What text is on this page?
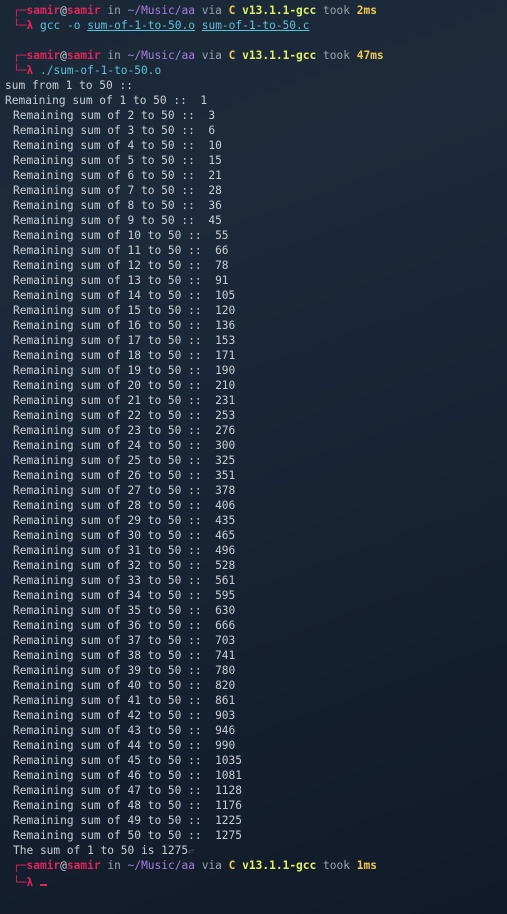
┌─samir@samir in ~/Music/aa via C v13.1.1-gcc took 2ms
└─λ gcc -o sum-of-1-to-50.o sum-of-1-to-50.c
┌─samir@samir in ~/Music/aa via C v13.1.1-gcc took 47ms
└─λ ./sum-of-1-to-50.o
sum from 1 to 50 ::
Remaining sum of 1 to 50 ::  1
Remaining sum of 2 to 50 ::  3
Remaining sum of 3 to 50 ::  6
Remaining sum of 4 to 50 ::  10
Remaining sum of 5 to 50 ::  15
Remaining sum of 6 to 50 ::  21
Remaining sum of 7 to 50 ::  28
Remaining sum of 8 to 50 ::  36
Remaining sum of 9 to 50 ::  45
Remaining sum of 10 to 50 ::  55
Remaining sum of 11 to 50 ::  66
Remaining sum of 12 to 50 ::  78
Remaining sum of 13 to 50 ::  91
Remaining sum of 14 to 50 ::  105
Remaining sum of 15 to 50 ::  120
Remaining sum of 16 to 50 ::  136
Remaining sum of 17 to 50 ::  153
Remaining sum of 18 to 50 ::  171
Remaining sum of 19 to 50 ::  190
Remaining sum of 20 to 50 ::  210
Remaining sum of 21 to 50 ::  231
Remaining sum of 22 to 50 ::  253
Remaining sum of 23 to 50 ::  276
Remaining sum of 24 to 50 ::  300
Remaining sum of 25 to 50 ::  325
Remaining sum of 26 to 50 ::  351
Remaining sum of 27 to 50 ::  378
Remaining sum of 28 to 50 ::  406
Remaining sum of 29 to 50 ::  435
Remaining sum of 30 to 50 ::  465
Remaining sum of 31 to 50 ::  496
Remaining sum of 32 to 50 ::  528
Remaining sum of 33 to 50 ::  561
Remaining sum of 34 to 50 ::  595
Remaining sum of 35 to 50 ::  630
Remaining sum of 36 to 50 ::  666
Remaining sum of 37 to 50 ::  703
Remaining sum of 38 to 50 ::  741
Remaining sum of 39 to 50 ::  780
Remaining sum of 40 to 50 ::  820
Remaining sum of 41 to 50 ::  861
Remaining sum of 42 to 50 ::  903
Remaining sum of 43 to 50 ::  946
Remaining sum of 44 to 50 ::  990
Remaining sum of 45 to 50 ::  1035
Remaining sum of 46 to 50 ::  1081
Remaining sum of 47 to 50 ::  1128
Remaining sum of 48 to 50 ::  1176
Remaining sum of 49 to 50 ::  1225
Remaining sum of 50 to 50 ::  1275
The sum of 1 to 50 is 1275⏎
┌─samir@samir in ~/Music/aa via C v13.1.1-gcc took 1ms
└─λ
